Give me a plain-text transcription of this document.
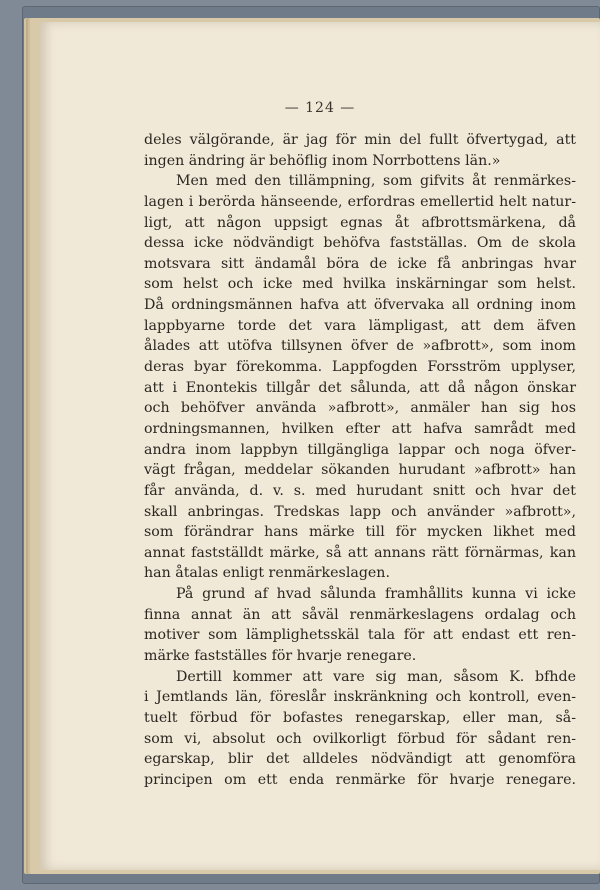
— 124 —
deles välgörande, är jag för min del fullt öfvertygad, att
ingen ändring är behöflig inom Norrbottens län.»
Men med den tillämpning, som gifvits åt renmärkes-
lagen i berörda hänseende, erfordras emellertid helt natur-
ligt, att någon uppsigt egnas åt afbrottsmärkena, då
dessa icke nödvändigt behöfva fastställas. Om de skola
motsvara sitt ändamål böra de icke få anbringas hvar
som helst och icke med hvilka inskärningar som helst.
Då ordningsmännen hafva att öfvervaka all ordning inom
lappbyarne torde det vara lämpligast, att dem äfven
ålades att utöfva tillsynen öfver de »afbrott», som inom
deras byar förekomma. Lappfogden Forsström upplyser,
att i Enontekis tillgår det sålunda, att då någon önskar
och behöfver använda »afbrott», anmäler han sig hos
ordningsmannen, hvilken efter att hafva samrådt med
andra inom lappbyn tillgängliga lappar och noga öfver-
vägt frågan, meddelar sökanden hurudant »afbrott» han
får använda, d. v. s. med hurudant snitt och hvar det
skall anbringas. Tredskas lapp och använder »afbrott»,
som förändrar hans märke till för mycken likhet med
annat fastställdt märke, så att annans rätt förnärmas, kan
han åtalas enligt renmärkeslagen.
På grund af hvad sålunda framhållits kunna vi icke
finna annat än att såväl renmärkeslagens ordalag och
motiver som lämplighetsskäl tala för att endast ett ren-
märke fastställes för hvarje renegare.
Dertill kommer att vare sig man, såsom K. bfhde
i Jemtlands län, föreslår inskränkning och kontroll, even-
tuelt förbud för bofastes renegarskap, eller man, så-
som vi, absolut och ovilkorligt förbud för sådant ren-
egarskap, blir det alldeles nödvändigt att genomföra
principen om ett enda renmärke för hvarje renegare.
